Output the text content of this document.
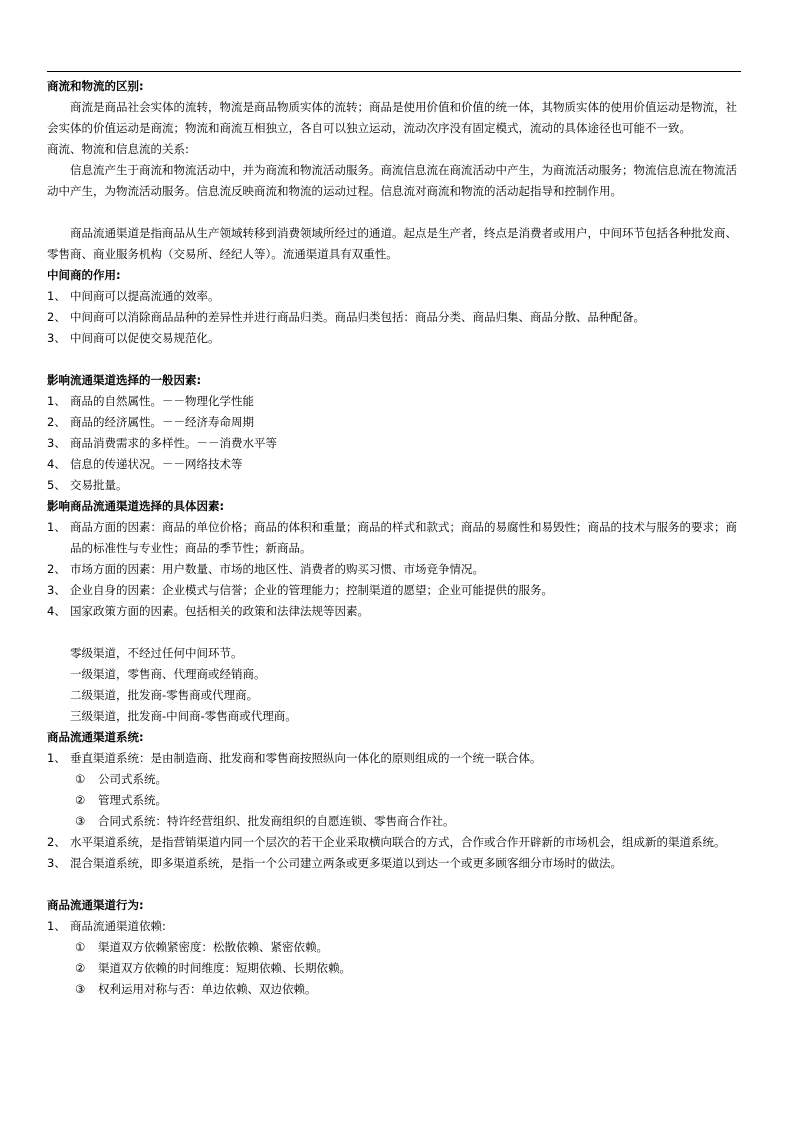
商流和物流的区别:

商流是商品社会实体的流转，物流是商品物质实体的流转；商品是使用价值和价值的统一体，其物质实体的使用价值运动是物流，社会实体的价值运动是商流；物流和商流互相独立，各自可以独立运动，流动次序没有固定模式，流动的具体途径也可能不一致。

商流、物流和信息流的关系:

信息流产生于商流和物流活动中，并为商流和物流活动服务。商流信息流在商流活动中产生，为商流活动服务；物流信息流在物流活动中产生，为物流活动服务。信息流反映商流和物流的运动过程。信息流对商流和物流的活动起指导和控制作用。

商品流通渠道是指商品从生产领域转移到消费领域所经过的通道。起点是生产者，终点是消费者或用户，中间环节包括各种批发商、零售商、商业服务机构（交易所、经纪人等）。流通渠道具有双重性。

中间商的作用:

1、 中间商可以提高流通的效率。
2、 中间商可以消除商品品种的差异性并进行商品归类。商品归类包括：商品分类、商品归集、商品分散、品种配备。
3、 中间商可以促使交易规范化。

影响流通渠道选择的一般因素:

1、 商品的自然属性。－－物理化学性能
2、 商品的经济属性。－－经济寿命周期
3、 商品消费需求的多样性。－－消费水平等
4、 信息的传递状况。－－网络技术等
5、 交易批量。

影响商品流通渠道选择的具体因素:

1、 商品方面的因素：商品的单位价格；商品的体积和重量；商品的样式和款式；商品的易腐性和易毁性；商品的技术与服务的要求；商品的标准性与专业性；商品的季节性；新商品。
2、 市场方面的因素：用户数量、市场的地区性、消费者的购买习惯、市场竞争情况。
3、 企业自身的因素：企业模式与信誉；企业的管理能力；控制渠道的愿望；企业可能提供的服务。
4、 国家政策方面的因素。包括相关的政策和法律法规等因素。

零级渠道，不经过任何中间环节。

一级渠道，零售商、代理商或经销商。

二级渠道，批发商-零售商或代理商。

三级渠道，批发商-中间商-零售商或代理商。

商品流通渠道系统:

1、 垂直渠道系统：是由制造商、批发商和零售商按照纵向一体化的原则组成的一个统一联合体。
①	公司式系统。
②	管理式系统。
③	合同式系统：特许经营组织、批发商组织的自愿连锁、零售商合作社。
2、 水平渠道系统，是指营销渠道内同一个层次的若干企业采取横向联合的方式，合作或合作开辟新的市场机会，组成新的渠道系统。
3、 混合渠道系统，即多渠道系统，是指一个公司建立两条或更多渠道以到达一个或更多顾客细分市场时的做法。

商品流通渠道行为:

1、 商品流通渠道依赖:
①	渠道双方依赖紧密度：松散依赖、紧密依赖。
②	渠道双方依赖的时间维度：短期依赖、长期依赖。
③	权利运用对称与否：单边依赖、双边依赖。
